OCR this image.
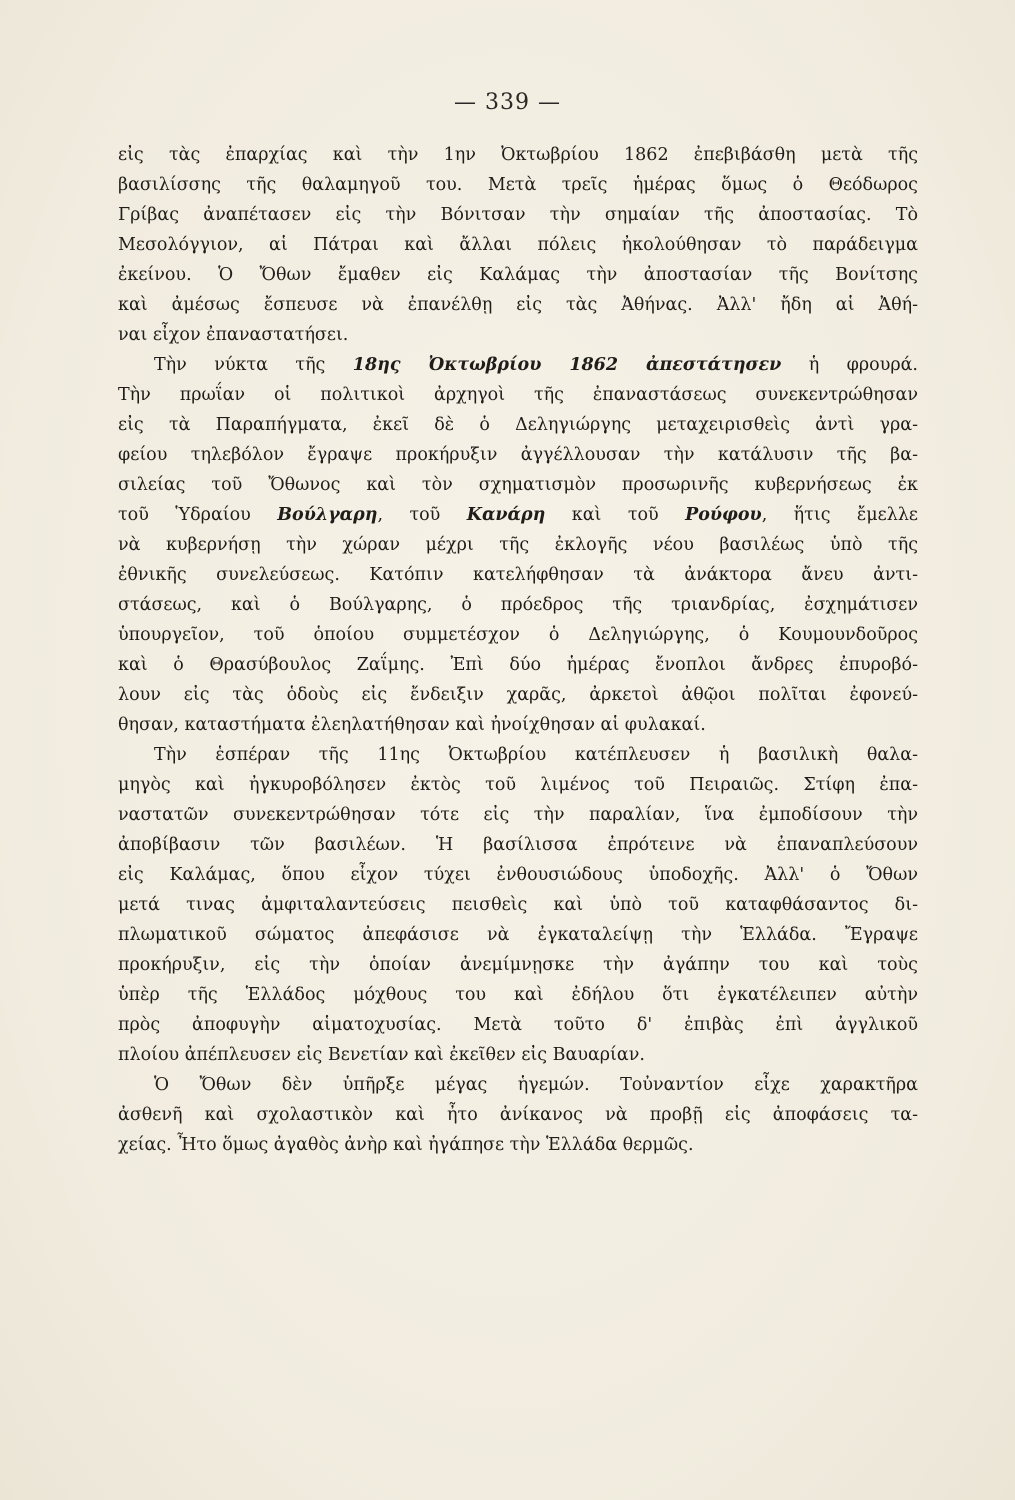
— 339 —
εἰς τὰς ἐπαρχίας καὶ τὴν 1ην Ὀκτωβρίου 1862 ἐπεβιβάσθη μετὰ τῆς
βασιλίσσης τῆς θαλαμηγοῦ του. Μετὰ τρεῖς ἡμέρας ὅμως ὁ Θεόδωρος
Γρίβας ἀναπέτασεν εἰς τὴν Βόνιτσαν τὴν σημαίαν τῆς ἀποστασίας. Τὸ
Μεσολόγγιον, αἱ Πάτραι καὶ ἄλλαι πόλεις ἠκολούθησαν τὸ παράδειγμα
ἐκείνου. Ὁ Ὄθων ἔμαθεν εἰς Καλάμας τὴν ἀποστασίαν τῆς Βονίτσης
καὶ ἀμέσως ἔσπευσε νὰ ἐπανέλθῃ εἰς τὰς Ἀθήνας. Ἀλλ' ἤδη αἱ Ἀθή-
ναι εἶχον ἐπαναστατήσει.
Τὴν νύκτα τῆς 18ης Ὀκτωβρίου 1862 ἀπεστάτησεν ἡ φρουρά.
Τὴν πρωΐαν οἱ πολιτικοὶ ἀρχηγοὶ τῆς ἐπαναστάσεως συνεκεντρώθησαν
εἰς τὰ Παραπήγματα, ἐκεῖ δὲ ὁ Δεληγιώργης μεταχειρισθεὶς ἀντὶ γρα-
φείου τηλεβόλον ἔγραψε προκήρυξιν ἀγγέλλουσαν τὴν κατάλυσιν τῆς βα-
σιλείας τοῦ Ὄθωνος καὶ τὸν σχηματισμὸν προσωρινῆς κυβερνήσεως ἐκ
τοῦ Ὑδραίου Βούλγαρη, τοῦ Κανάρη καὶ τοῦ Ρούφου, ἥτις ἔμελλε
νὰ κυβερνήσῃ τὴν χώραν μέχρι τῆς ἐκλογῆς νέου βασιλέως ὑπὸ τῆς
ἐθνικῆς συνελεύσεως. Κατόπιν κατελήφθησαν τὰ ἀνάκτορα ἄνευ ἀντι-
στάσεως, καὶ ὁ Βούλγαρης, ὁ πρόεδρος τῆς τριανδρίας, ἐσχημάτισεν
ὑπουργεῖον, τοῦ ὁποίου συμμετέσχον ὁ Δεληγιώργης, ὁ Κουμουνδοῦρος
καὶ ὁ Θρασύβουλος Ζαΐμης. Ἐπὶ δύο ἡμέρας ἔνοπλοι ἄνδρες ἐπυροβό-
λουν εἰς τὰς ὁδοὺς εἰς ἔνδειξιν χαρᾶς, ἀρκετοὶ ἀθῷοι πολῖται ἐφονεύ-
θησαν, καταστήματα ἐλεηλατήθησαν καὶ ἠνοίχθησαν αἱ φυλακαί.
Τὴν ἑσπέραν τῆς 11ης Ὀκτωβρίου κατέπλευσεν ἡ βασιλικὴ θαλα-
μηγὸς καὶ ἠγκυροβόλησεν ἐκτὸς τοῦ λιμένος τοῦ Πειραιῶς. Στίφη ἐπα-
ναστατῶν συνεκεντρώθησαν τότε εἰς τὴν παραλίαν, ἵνα ἐμποδίσουν τὴν
ἀποβίβασιν τῶν βασιλέων. Ἡ βασίλισσα ἐπρότεινε νὰ ἐπαναπλεύσουν
εἰς Καλάμας, ὅπου εἶχον τύχει ἐνθουσιώδους ὑποδοχῆς. Ἀλλ' ὁ Ὄθων
μετά τινας ἀμφιταλαντεύσεις πεισθεὶς καὶ ὑπὸ τοῦ καταφθάσαντος δι-
πλωματικοῦ σώματος ἀπεφάσισε νὰ ἐγκαταλείψῃ τὴν Ἑλλάδα. Ἔγραψε
προκήρυξιν, εἰς τὴν ὁποίαν ἀνεμίμνῃσκε τὴν ἀγάπην του καὶ τοὺς
ὑπὲρ τῆς Ἑλλάδος μόχθους του καὶ ἐδήλου ὅτι ἐγκατέλειπεν αὐτὴν
πρὸς ἀποφυγὴν αἱματοχυσίας. Μετὰ τοῦτο δ' ἐπιβὰς ἐπὶ ἀγγλικοῦ
πλοίου ἀπέπλευσεν εἰς Βενετίαν καὶ ἐκεῖθεν εἰς Βαυαρίαν.
Ὁ Ὄθων δὲν ὑπῆρξε μέγας ἡγεμών. Τοὐναντίον εἶχε χαρακτῆρα
ἀσθενῆ καὶ σχολαστικὸν καὶ ἦτο ἀνίκανος νὰ προβῇ εἰς ἀποφάσεις τα-
χείας. Ἦτο ὅμως ἀγαθὸς ἀνὴρ καὶ ἠγάπησε τὴν Ἑλλάδα θερμῶς.
